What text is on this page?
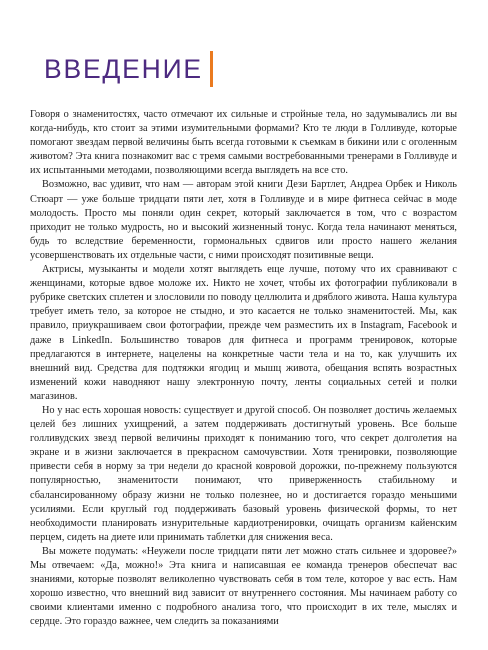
ВВЕДЕНИЕ

Говоря о знаменитостях, часто отмечают их сильные и стройные тела, но задумывались ли вы когда-нибудь, кто стоит за этими изумительными формами? Кто те люди в Голливуде, которые помогают звездам первой величины быть всегда готовыми к съемкам в бикини или с оголенным животом? Эта книга познакомит вас с тремя самыми востребованными тренерами в Голливуде и их испытанными методами, позволяющими всегда выглядеть на все сто.

Возможно, вас удивит, что нам — авторам этой книги Дези Бартлет, Андреа Орбек и Николь Стюарт — уже больше тридцати пяти лет, хотя в Голливуде и в мире фитнеса сейчас в моде молодость. Просто мы поняли один секрет, который заключается в том, что с возрастом приходит не только мудрость, но и высокий жизненный тонус. Когда тела начинают меняться, будь то вследствие беременности, гормональных сдвигов или просто нашего желания усовершенствовать их отдельные части, с ними происходят позитивные вещи.

Актрисы, музыканты и модели хотят выглядеть еще лучше, потому что их сравнивают с женщинами, которые вдвое моложе их. Никто не хочет, чтобы их фотографии публиковали в рубрике светских сплетен и злословили по поводу целлюлита и дряблого живота. Наша культура требует иметь тело, за которое не стыдно, и это касается не только знаменитостей. Мы, как правило, приукрашиваем свои фотографии, прежде чем разместить их в Instagram, Facebook и даже в LinkedIn. Большинство товаров для фитнеса и программ тренировок, которые предлагаются в интернете, нацелены на конкретные части тела и на то, как улучшить их внешний вид. Средства для подтяжки ягодиц и мышц живота, обещания вспять возрастных изменений кожи наводняют нашу электронную почту, ленты социальных сетей и полки магазинов.

Но у нас есть хорошая новость: существует и другой способ. Он позволяет достичь желаемых целей без лишних ухищрений, а затем поддерживать достигнутый уровень. Все больше голливудских звезд первой величины приходят к пониманию того, что секрет долголетия на экране и в жизни заключается в прекрасном самочувствии. Хотя тренировки, позволяющие привести себя в норму за три недели до красной ковровой дорожки, по-прежнему пользуются популярностью, знаменитости понимают, что приверженность стабильному и сбалансированному образу жизни не только полезнее, но и достигается гораздо меньшими усилиями. Если круглый год поддерживать базовый уровень физической формы, то нет необходимости планировать изнурительные кардиотренировки, очищать организм кайенским перцем, сидеть на диете или принимать таблетки для снижения веса.

Вы можете подумать: «Неужели после тридцати пяти лет можно стать сильнее и здоровее?» Мы отвечаем: «Да, можно!» Эта книга и написавшая ее команда тренеров обеспечат вас знаниями, которые позволят великолепно чувствовать себя в том теле, которое у вас есть. Нам хорошо известно, что внешний вид зависит от внутреннего состояния. Мы начинаем работу со своими клиентами именно с подробного анализа того, что происходит в их теле, мыслях и сердце. Это гораздо важнее, чем следить за показаниями
